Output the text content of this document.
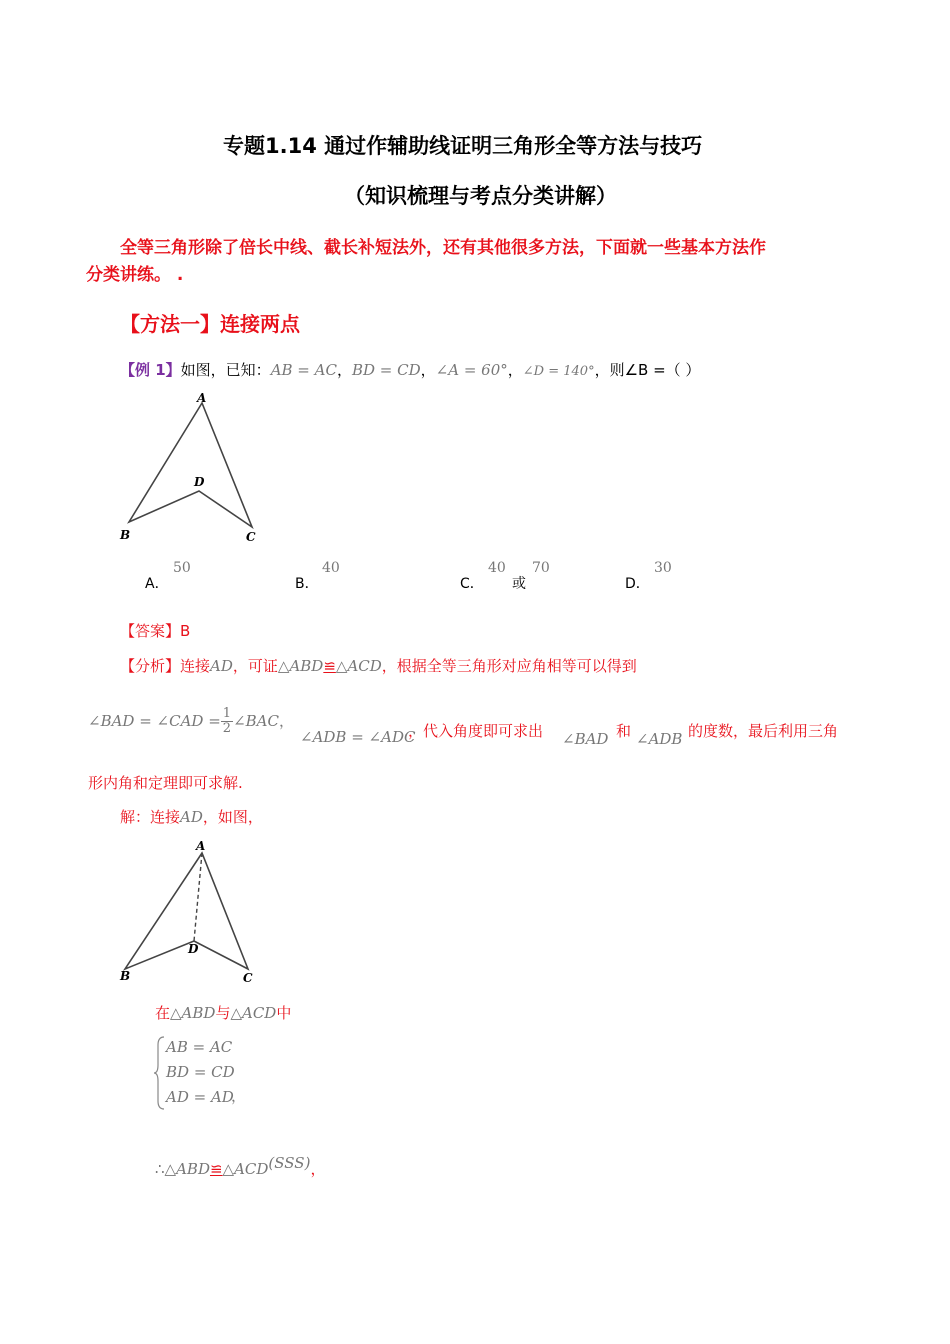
专题1.14 通过作辅助线证明三角形全等方法与技巧
（知识梳理与考点分类讲解）
全等三角形除了倍长中线、截长补短法外，还有其他很多方法，下面就一些基本方法作
分类讲练。 .
【方法一】连接两点
【例 1】如图，已知：AB = AC，BD = CD，∠A = 60°，∠D = 140°，则∠B =（ ）
A
B
D
C
A．
50
B．
40
C．
40
或
70
D．
30
【答案】B
【分析】连接AD，可证△ABD≌△ACD，根据全等三角形对应角相等可以得到
∠BAD = ∠CAD = $\frac{1}{2}$ ∠BAC，
∠ADB = ∠ADC
，代入角度即可求出 ∠BAD 和 ∠ADB 的度数，最后利用三角
形内角和定理即可求解.
解：连接AD，如图，
A
B
D
C
在△ABD与△ACD中
AB = AC
BD = CD
AD = AD
，
∴△ABD≌△ACD(SSS)，
